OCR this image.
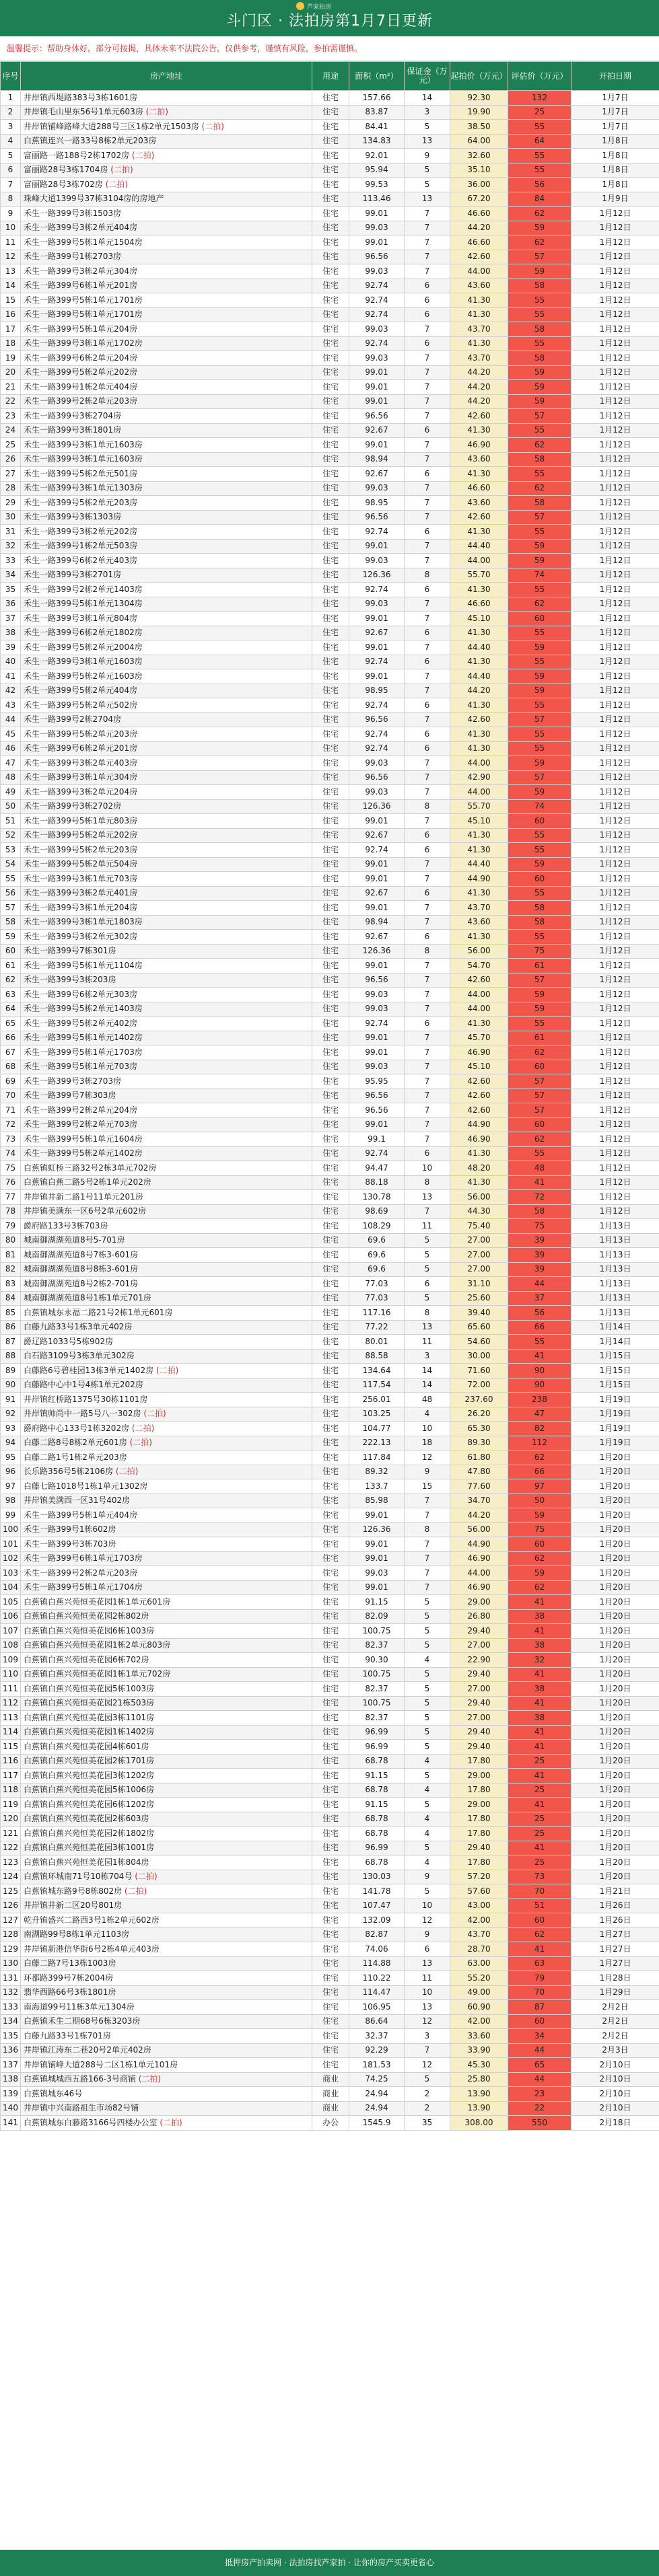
芦家拍房
斗门区 · 法拍房第1月7日更新
温馨提示：帮助身体好，部分可按揭，具体未来不法院公告，仅供参考，谨慎有风险，参拍需谨慎。
序号	房产地址	用途	面积（m²）	保证金（万元）	起拍价（万元）	评估价（万元）	开拍日期
1	井岸镇西堤路383号3栋1601房	住宅	157.66	14	92.30	132	1月7日
2	井岸镇毛山里东56号1单元603房 (二拍)	住宅	83.87	3	19.90	25	1月7日
3	井岸镇铺峰路峰大道288号三区1栋2单元1503房 (二拍)	住宅	84.41	5	38.50	55	1月7日
4	白蕉镇连兴一路33号8栋2单元203房	住宅	134.83	13	64.00	64	1月8日
5	富丽路一路188号2栋1702房 (二拍)	住宅	92.01	9	32.60	55	1月8日
6	富丽路28号3栋1704房 (二拍)	住宅	95.94	5	35.10	55	1月8日
7	富丽路28号3栋702房 (二拍)	住宅	99.53	5	36.00	56	1月8日
8	珠峰大道1399号37栋3104房的房地产	住宅	113.46	13	67.20	84	1月9日
9	禾生一路399号3栋1503房	住宅	99.01	7	46.60	62	1月12日
10	禾生一路399号3栋2单元404房	住宅	99.03	7	44.20	59	1月12日
11	禾生一路399号5栋1单元1504房	住宅	99.01	7	46.60	62	1月12日
12	禾生一路399号1栋2703房	住宅	96.56	7	42.60	57	1月12日
13	禾生一路399号3栋2单元304房	住宅	99.03	7	44.00	59	1月12日
14	禾生一路399号6栋1单元201房	住宅	92.74	6	43.60	58	1月12日
15	禾生一路399号5栋1单元1701房	住宅	92.74	6	41.30	55	1月12日
16	禾生一路399号5栋1单元1701房	住宅	92.74	6	41.30	55	1月12日
17	禾生一路399号5栋1单元204房	住宅	99.03	7	43.70	58	1月12日
18	禾生一路399号3栋1单元1702房	住宅	92.74	6	41.30	55	1月12日
19	禾生一路399号6栋2单元204房	住宅	99.03	7	43.70	58	1月12日
20	禾生一路399号5栋2单元202房	住宅	99.01	7	44.20	59	1月12日
21	禾生一路399号1栋2单元404房	住宅	99.01	7	44.20	59	1月12日
22	禾生一路399号2栋2单元203房	住宅	99.01	7	44.20	59	1月12日
23	禾生一路399号3栋2704房	住宅	96.56	7	42.60	57	1月12日
24	禾生一路399号3栋1801房	住宅	92.67	6	41.30	55	1月12日
25	禾生一路399号3栋1单元1603房	住宅	99.01	7	46.90	62	1月12日
26	禾生一路399号3栋1单元1603房	住宅	98.94	7	43.60	58	1月12日
27	禾生一路399号5栋2单元501房	住宅	92.67	6	41.30	55	1月12日
28	禾生一路399号3栋1单元1303房	住宅	99.03	7	46.60	62	1月12日
29	禾生一路399号5栋2单元203房	住宅	98.95	7	43.60	58	1月12日
30	禾生一路399号3栋1303房	住宅	96.56	7	42.60	57	1月12日
31	禾生一路399号3栋2单元202房	住宅	92.74	6	41.30	55	1月12日
32	禾生一路399号1栋2单元503房	住宅	99.01	7	44.40	59	1月12日
33	禾生一路399号6栋2单元403房	住宅	99.03	7	44.00	59	1月12日
34	禾生一路399号3栋2701房	住宅	126.36	8	55.70	74	1月12日
35	禾生一路399号2栋2单元1403房	住宅	92.74	6	41.30	55	1月12日
36	禾生一路399号5栋1单元1304房	住宅	99.03	7	46.60	62	1月12日
37	禾生一路399号3栋1单元804房	住宅	99.01	7	45.10	60	1月12日
38	禾生一路399号6栋2单元1802房	住宅	92.67	6	41.30	55	1月12日
39	禾生一路399号5栋2单元2004房	住宅	99.01	7	44.40	59	1月12日
40	禾生一路399号3栋1单元1603房	住宅	92.74	6	41.30	55	1月12日
41	禾生一路399号5栋2单元1603房	住宅	99.01	7	44.40	59	1月12日
42	禾生一路399号5栋2单元404房	住宅	98.95	7	44.20	59	1月12日
43	禾生一路399号5栋2单元502房	住宅	92.74	6	41.30	55	1月12日
44	禾生一路399号2栋2704房	住宅	96.56	7	42.60	57	1月12日
45	禾生一路399号5栋2单元203房	住宅	92.74	6	41.30	55	1月12日
46	禾生一路399号6栋2单元201房	住宅	92.74	6	41.30	55	1月12日
47	禾生一路399号3栋2单元403房	住宅	99.03	7	44.00	59	1月12日
48	禾生一路399号3栋1单元304房	住宅	96.56	7	42.90	57	1月12日
49	禾生一路399号3栋2单元204房	住宅	99.03	7	44.00	59	1月12日
50	禾生一路399号3栋2702房	住宅	126.36	8	55.70	74	1月12日
51	禾生一路399号5栋1单元803房	住宅	99.01	7	45.10	60	1月12日
52	禾生一路399号5栋2单元202房	住宅	92.67	6	41.30	55	1月12日
53	禾生一路399号5栋2单元203房	住宅	92.74	6	41.30	55	1月12日
54	禾生一路399号5栋2单元504房	住宅	99.01	7	44.40	59	1月12日
55	禾生一路399号3栋1单元703房	住宅	99.01	7	44.90	60	1月12日
56	禾生一路399号3栋2单元401房	住宅	92.67	6	41.30	55	1月12日
57	禾生一路399号3栋1单元204房	住宅	99.01	7	43.70	58	1月12日
58	禾生一路399号3栋1单元1803房	住宅	98.94	7	43.60	58	1月12日
59	禾生一路399号3栋2单元302房	住宅	92.67	6	41.30	55	1月12日
60	禾生一路399号7栋301房	住宅	126.36	8	56.00	75	1月12日
61	禾生一路399号5栋1单元1104房	住宅	99.01	7	54.70	61	1月12日
62	禾生一路399号3栋203房	住宅	96.56	7	42.60	57	1月12日
63	禾生一路399号6栋2单元303房	住宅	99.03	7	44.00	59	1月12日
64	禾生一路399号5栋2单元1403房	住宅	99.03	7	44.00	59	1月12日
65	禾生一路399号5栋2单元402房	住宅	92.74	6	41.30	55	1月12日
66	禾生一路399号5栋1单元1402房	住宅	99.01	7	45.70	61	1月12日
67	禾生一路399号5栋1单元1703房	住宅	99.01	7	46.90	62	1月12日
68	禾生一路399号5栋1单元703房	住宅	99.03	7	45.10	60	1月12日
69	禾生一路399号3栋2703房	住宅	95.95	7	42.60	57	1月12日
70	禾生一路399号7栋303房	住宅	96.56	7	42.60	57	1月12日
71	禾生一路399号2栋2单元204房	住宅	96.56	7	42.60	57	1月12日
72	禾生一路399号2栋2单元703房	住宅	99.01	7	44.90	60	1月12日
73	禾生一路399号5栋1单元1604房	住宅	99.1	7	46.90	62	1月12日
74	禾生一路399号5栋2单元1402房	住宅	92.74	6	41.30	55	1月12日
75	白蕉镇虹桥三路32号2栋3单元702房	住宅	94.47	10	48.20	48	1月12日
76	白蕉镇白蕉二路5号2栋1单元202房	住宅	88.18	8	41.30	41	1月12日
77	井岸镇井新二路1号11单元201房	住宅	130.78	13	56.00	72	1月12日
78	井岸镇美满东一区6号2单元602房	住宅	98.69	7	44.30	58	1月12日
79	爵府路133号3栋703房	住宅	108.29	11	75.40	75	1月13日
80	城南御湖湖苑道8号5-701房	住宅	69.6	5	27.00	39	1月13日
81	城南御湖湖苑道8号7栋3-601房	住宅	69.6	5	27.00	39	1月13日
82	城南御湖湖苑道8号8栋3-601房	住宅	69.6	5	27.00	39	1月13日
83	城南御湖湖苑道8号2栋2-701房	住宅	77.03	6	31.10	44	1月13日
84	城南御湖湖苑道8号1栋1单元701房	住宅	77.03	5	25.60	37	1月13日
85	白蕉镇城东永福二路21号2栋1单元601房	住宅	117.16	8	39.40	56	1月13日
86	白藤九路33号1栋3单元402房	住宅	77.22	13	65.60	66	1月14日
87	爵辽路1033号5栋902房	住宅	80.01	11	54.60	55	1月14日
88	白石路3109号3栋3单元302房	住宅	88.58	3	30.00	41	1月15日
89	白藤路6号碧桂园13栋3单元1402房 (二拍)	住宅	134.64	14	71.60	90	1月15日
90	白藤路中心中1号4栋1单元202房	住宅	117.54	14	72.00	90	1月15日
91	井岸镇红桥路1375号30栋1101房	住宅	256.01	48	237.60	238	1月19日
92	井岸镇帅尚中一路5号八一302房 (二拍)	住宅	103.25	4	26.20	47	1月19日
93	爵府路中心133号1栋3202房 (二拍)	住宅	104.77	10	65.30	82	1月19日
94	白藤二路8号8栋2单元601房 (二拍)	住宅	222.13	18	89.30	112	1月19日
95	白藤二路1号1栋2单元203房	住宅	117.84	12	61.80	62	1月20日
96	长乐路356号5栋2106房 (二拍)	住宅	89.32	9	47.80	66	1月20日
97	白藤七路1018号1栋1单元1302房	住宅	133.7	15	77.60	97	1月20日
98	井岸镇美满西一区31号402房	住宅	85.98	7	34.70	50	1月20日
99	禾生一路399号5栋1单元404房	住宅	99.01	7	44.20	59	1月20日
100	禾生一路399号1栋602房	住宅	126.36	8	56.00	75	1月20日
101	禾生一路399号3栋703房	住宅	99.01	7	44.90	60	1月20日
102	禾生一路399号6栋1单元1703房	住宅	99.01	7	46.90	62	1月20日
103	禾生一路399号2栋2单元203房	住宅	99.03	7	44.00	59	1月20日
104	禾生一路399号5栋1单元1704房	住宅	99.01	7	46.90	62	1月20日
105	白蕉镇白蕉兴苑恒美花园1栋1单元601房	住宅	91.15	5	29.00	41	1月20日
106	白蕉镇白蕉兴苑恒美花园2栋802房	住宅	82.09	5	26.80	38	1月20日
107	白蕉镇白蕉兴苑恒美花园6栋1003房	住宅	100.75	5	29.40	41	1月20日
108	白蕉镇白蕉兴苑恒美花园1栋2单元803房	住宅	82.37	5	27.00	38	1月20日
109	白蕉镇白蕉兴苑恒美花园6栋702房	住宅	90.30	4	22.90	32	1月20日
110	白蕉镇白蕉兴苑恒美花园1栋1单元702房	住宅	100.75	5	29.40	41	1月20日
111	白蕉镇白蕉兴苑恒美花园5栋1003房	住宅	82.37	5	27.00	38	1月20日
112	白蕉镇白蕉兴苑恒美花园21栋503房	住宅	100.75	5	29.40	41	1月20日
113	白蕉镇白蕉兴苑恒美花园3栋1101房	住宅	82.37	5	27.00	38	1月20日
114	白蕉镇白蕉兴苑恒美花园1栋1402房	住宅	96.99	5	29.40	41	1月20日
115	白蕉镇白蕉兴苑恒美花园4栋601房	住宅	96.99	5	29.40	41	1月20日
116	白蕉镇白蕉兴苑恒美花园2栋1701房	住宅	68.78	4	17.80	25	1月20日
117	白蕉镇白蕉兴苑恒美花园3栋1202房	住宅	91.15	5	29.00	41	1月20日
118	白蕉镇白蕉兴苑恒美花园5栋1006房	住宅	68.78	4	17.80	25	1月20日
119	白蕉镇白蕉兴苑恒美花园6栋1202房	住宅	91.15	5	29.00	41	1月20日
120	白蕉镇白蕉兴苑恒美花园2栋603房	住宅	68.78	4	17.80	25	1月20日
121	白蕉镇白蕉兴苑恒美花园2栋1802房	住宅	68.78	4	17.80	25	1月20日
122	白蕉镇白蕉兴苑恒美花园3栋1001房	住宅	96.99	5	29.40	41	1月20日
123	白蕉镇白蕉兴苑恒美花园1栋804房	住宅	68.78	4	17.80	25	1月20日
124	白蕉镇环城南71号10栋704号 (二拍)	住宅	130.03	9	57.20	73	1月20日
125	白蕉镇城东路9号8栋802房 (二拍)	住宅	141.78	5	57.60	70	1月21日
126	井岸镇井新二区20号801房	住宅	107.47	10	43.00	51	1月26日
127	乾升镇盛兴二路西3号1栋2单元602房	住宅	132.09	12	42.00	60	1月26日
128	南湖路99号8栋1单元1103房	住宅	82.87	9	43.70	62	1月27日
129	井岸镇新港信华街6号2栋4单元403房	住宅	74.06	6	28.70	41	1月27日
130	白藤二路7号13栋1003房	住宅	114.88	13	63.00	63	1月27日
131	环都路399号7栋2004房	住宅	110.22	11	55.20	79	1月28日
132	翡华西路66号3栋1801房	住宅	114.47	10	49.00	70	1月29日
133	南海道99号11栋3单元1304房	住宅	106.95	13	60.90	87	2月2日
134	白蕉镇禾生二期68号6栋3203房	住宅	86.64	12	42.00	60	2月2日
135	白藤九路33号1栋701房	住宅	32.37	3	33.60	34	2月2日
136	井岸镇江涛东二巷20号2单元402房	住宅	92.29	7	33.90	44	2月3日
137	井岸镇铺峰大道288号二区1栋1单元101房	住宅	181.53	12	45.30	65	2月10日
138	白蕉镇城城西五路166-3号商铺 (二拍)	商业	74.25	5	25.80	44	2月10日
139	白蕉镇城东46号	商业	24.94	2	13.90	23	2月10日
140	井岸镇中兴南路祖生市场82号铺	商业	24.94	2	13.90	22	2月10日
141	白蕉镇城东白藤路3166号四楼办公室 (二拍)	办公	1545.9	35	308.00	550	2月18日
抵押房产拍卖网 · 法拍房找芦家拍 · 让你的房产买卖更省心
